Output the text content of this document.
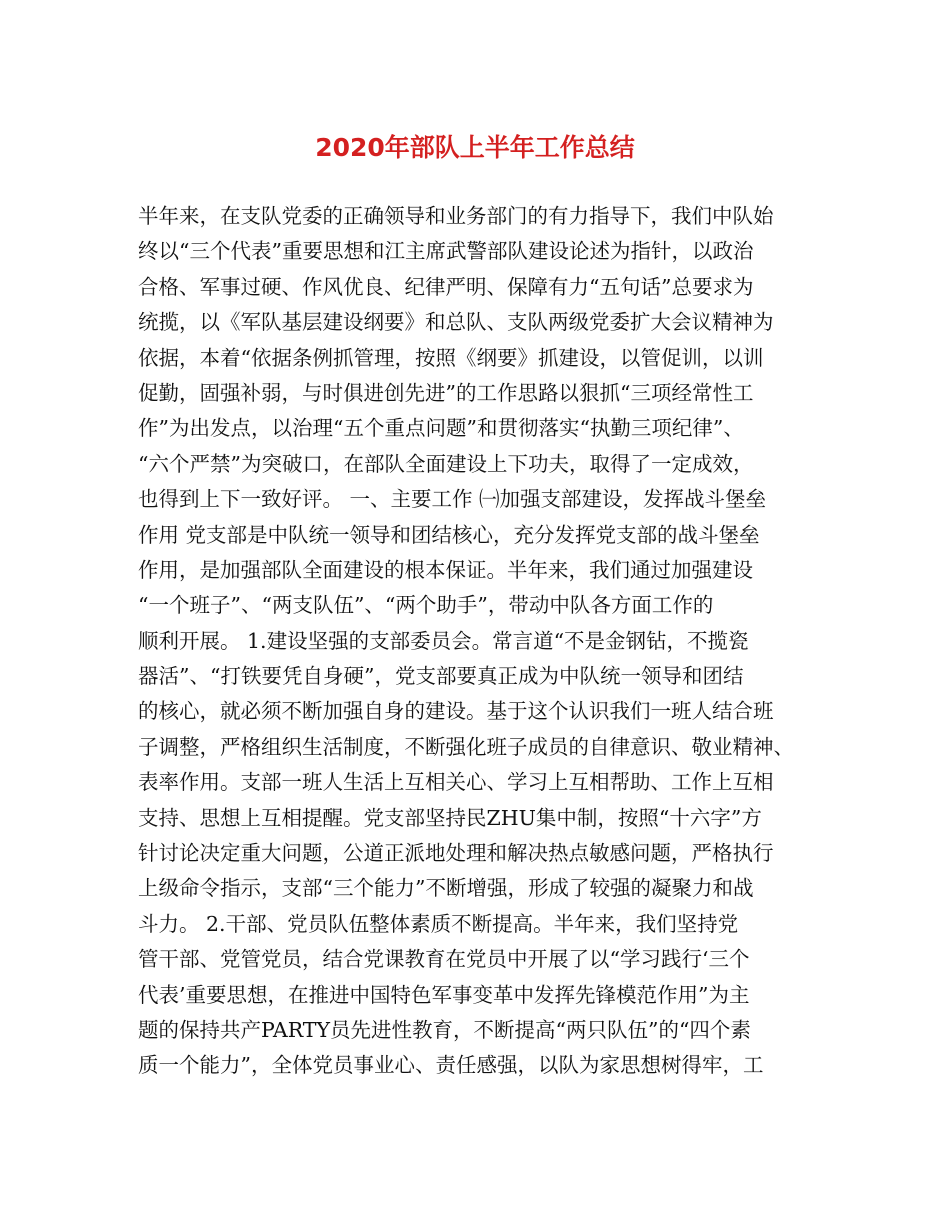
2020年部队上半年工作总结
半年来，在支队党委的正确领导和业务部门的有力指导下，我们中队始
终以“三个代表”重要思想和江主席武警部队建设论述为指针，以政治
合格、军事过硬、作风优良、纪律严明、保障有力“五句话”总要求为
统揽，以《军队基层建设纲要》和总队、支队两级党委扩大会议精神为
依据，本着“依据条例抓管理，按照《纲要》抓建设，以管促训，以训
促勤，固强补弱，与时俱进创先进”的工作思路以狠抓“三项经常性工
作”为出发点，以治理“五个重点问题”和贯彻落实“执勤三项纪律”、
“六个严禁”为突破口，在部队全面建设上下功夫，取得了一定成效，
也得到上下一致好评。 一、主要工作 ㈠加强支部建设，发挥战斗堡垒
作用 党支部是中队统一领导和团结核心，充分发挥党支部的战斗堡垒
作用，是加强部队全面建设的根本保证。半年来，我们通过加强建设
“一个班子”、“两支队伍”、“两个助手”，带动中队各方面工作的
顺利开展。 1.建设坚强的支部委员会。常言道“不是金钢钻，不揽瓷
器活”、“打铁要凭自身硬”，党支部要真正成为中队统一领导和团结
的核心，就必须不断加强自身的建设。基于这个认识我们一班人结合班
子调整，严格组织生活制度，不断强化班子成员的自律意识、敬业精神、
表率作用。支部一班人生活上互相关心、学习上互相帮助、工作上互相
支持、思想上互相提醒。党支部坚持民ZHU集中制，按照“十六字”方
针讨论决定重大问题，公道正派地处理和解决热点敏感问题，严格执行
上级命令指示，支部“三个能力”不断增强，形成了较强的凝聚力和战
斗力。 2.干部、党员队伍整体素质不断提高。半年来，我们坚持党
管干部、党管党员，结合党课教育在党员中开展了以“学习践行‘三个
代表’重要思想，在推进中国特色军事变革中发挥先锋模范作用”为主
题的保持共产PARTY员先进性教育，不断提高“两只队伍”的“四个素
质一个能力”，全体党员事业心、责任感强，以队为家思想树得牢，工
